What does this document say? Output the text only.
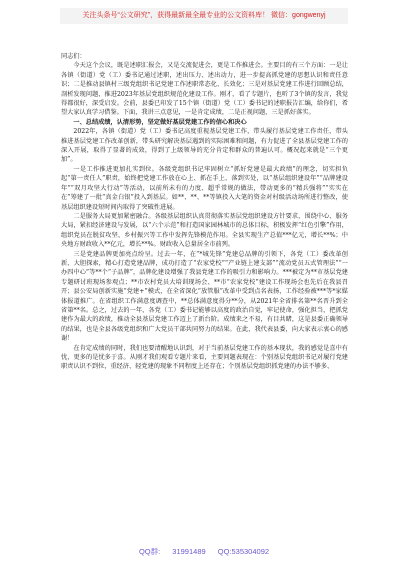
关注头条号“公文研究”，获得最新最全最专业的公文资料库！ 微信：gongwenyj

同志们：

今天这个会议，既是述职汇报会，又是交流促进会，更是工作推进会。主要目的有三个方面：一是让各镇（街道）党（工）委书记通过述职，述出压力、述出动力，进一步提高抓党建的思想认识和责任意识；二是推动县镇村三级党组织书记党建工作述职常态化、长效化；三是对基层党建工作进行回顾总结，剖析发现问题，推进2023年基层党组织规范化建设工作。刚才，看了专题片，也听了3个镇的发言，我觉得都很好，深受启发。会前，县委已印发了15个镇（街道）党（工）委书记的述职报告汇编，给你们，希望大家认真学习借鉴。下面，我讲三点意见，一是肯定成绩，二是正视问题，三是抓好落实。

一、总结成绩，认清形势，坚定做好基层党建工作的信心和决心

2022年，各镇（街道）党（工）委书记高度重视基层党建工作，带头履行基层党建工作责任，带头推进基层党建工作改革创新，带头研究解决基层遇到的实际困难和问题，有力促进了全县基层党建工作的深入开展，取得了显著的成效，得到了上级领导的充分肯定和群众的普遍认可。概况起来就是“三个更加”。

一是工作推进更加扎实到位。各级党组织书记牢固树立“抓好党建是最大政绩”的理念，切实担负起“第一责任人”职责，始终把党建工作放在心上、抓在手上、落到实处，以“基层组织建设年”“品牌建设年”“双月攻坚大行动”等活动，以前所未有的力度、超乎常规的做法，带动更多的“精兵强将”“实实在在”筹建了一批“真金白银”投入到基层。如**、**、**等镇投入大笔的资金对村级活动场所进行整改，使基层组织建设短时间内取得了突破性进展。

二是服务大局更加紧密融合。各级基层组织认真贯彻落实基层党组织建设方针要求，围绕中心、服务大局，紧扣经济建设与发展，以“六个示范”和打造国家园林城市的总体目标，积极发挥“红色引擎”作用，组织党员在脱贫攻坚、乡村振兴等工作中发挥先锋模范作用。全县实现生产总值***亿元，增长**%；中央地方财政收入**亿元，增长**%。财政收入总量居全市前列。

三是党建品牌更加亮点纷呈。过去一年，在“*城先锋”党建总品牌的引领下，各党（工）委改革创新、大胆探索，精心打造党建品牌，成功打造了“农家党校”“产业链上建支部”“流动党员五式管理法”“一办四中心”等**个“子品牌”，品牌化建设增强了我县党建工作的吸引力和影响力。***被定为**市基层党建专题研讨班现场参观点；**市农村党员大培训现场会、**市“农家党校”建设工作现场会也先后在我县召开；县公安局创新实施“党建+”模式，在全省深化“放管服”改革中受到点名表扬，工作经验被***等*家媒体报道推广。在省组织工作满意度调查中，**总体满意度得分**分，从2021年全省排名第**名晋升到全省第**名。总之，过去的一年，各党（工）委书记能够以高度的政治自觉，牢记使命，强化担当，把抓党建作为最大的政绩，推动全县基层党建工作迈上了新台阶。成绩来之不易，有目共睹，这是县委正确领导的结果，也是全县各级党组织和广大党员干部共同努力的结果。在此，我代表县委，向大家表示衷心的感谢！

在肯定成绩的同时，我们也要清醒地认识到，对于当前基层党建工作的基本现状，我的感觉是喜中有忧，更多的是忧多于喜。从刚才我们观看专题片来看，主要问题表现在：个别基层党组织书记对履行党建职责认识不到位，重经济、轻党建的现象不同程度上还存在；个别基层党组织抓党建的办法不够多、

QQ群: 31991489 QQ:535304092
